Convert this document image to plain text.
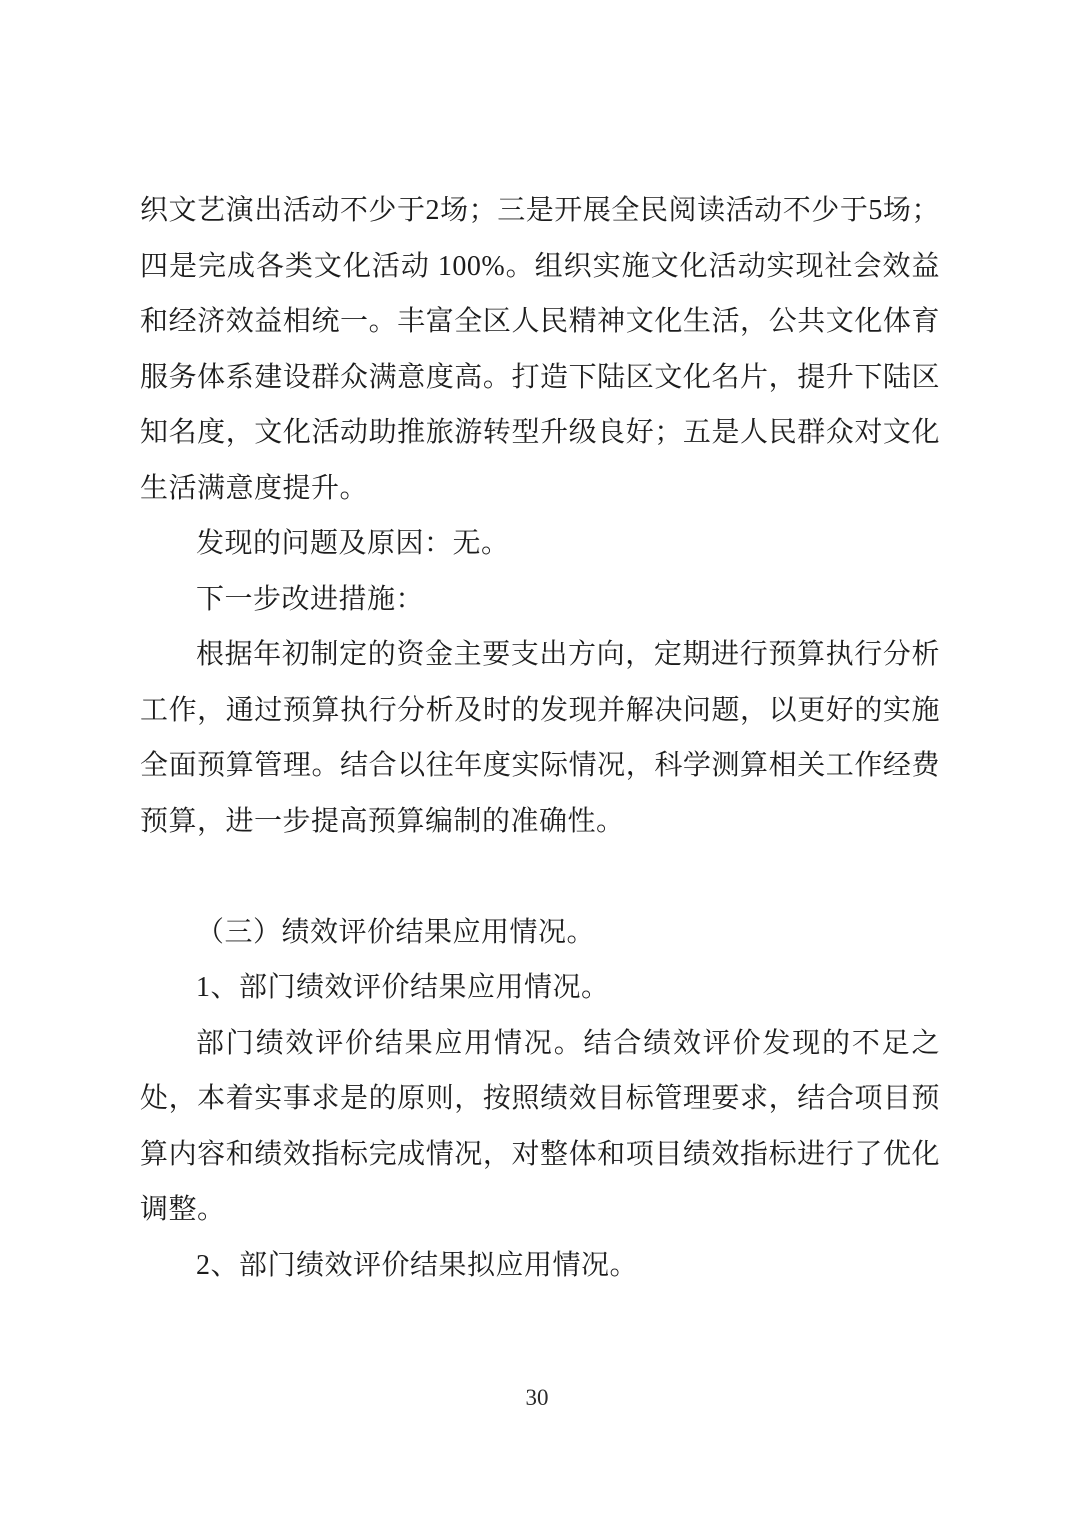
织文艺演出活动不少于2场；三是开展全民阅读活动不少于5场；四是完成各类文化活动 100%。组织实施文化活动实现社会效益和经济效益相统一。丰富全区人民精神文化生活，公共文化体育服务体系建设群众满意度高。打造下陆区文化名片，提升下陆区知名度，文化活动助推旅游转型升级良好；五是人民群众对文化生活满意度提升。

发现的问题及原因：无。

下一步改进措施：

根据年初制定的资金主要支出方向，定期进行预算执行分析工作，通过预算执行分析及时的发现并解决问题，以更好的实施全面预算管理。结合以往年度实际情况，科学测算相关工作经费预算，进一步提高预算编制的准确性。

（三）绩效评价结果应用情况。

1、部门绩效评价结果应用情况。

部门绩效评价结果应用情况。结合绩效评价发现的不足之处，本着实事求是的原则，按照绩效目标管理要求，结合项目预算内容和绩效指标完成情况，对整体和项目绩效指标进行了优化调整。

2、部门绩效评价结果拟应用情况。

30
